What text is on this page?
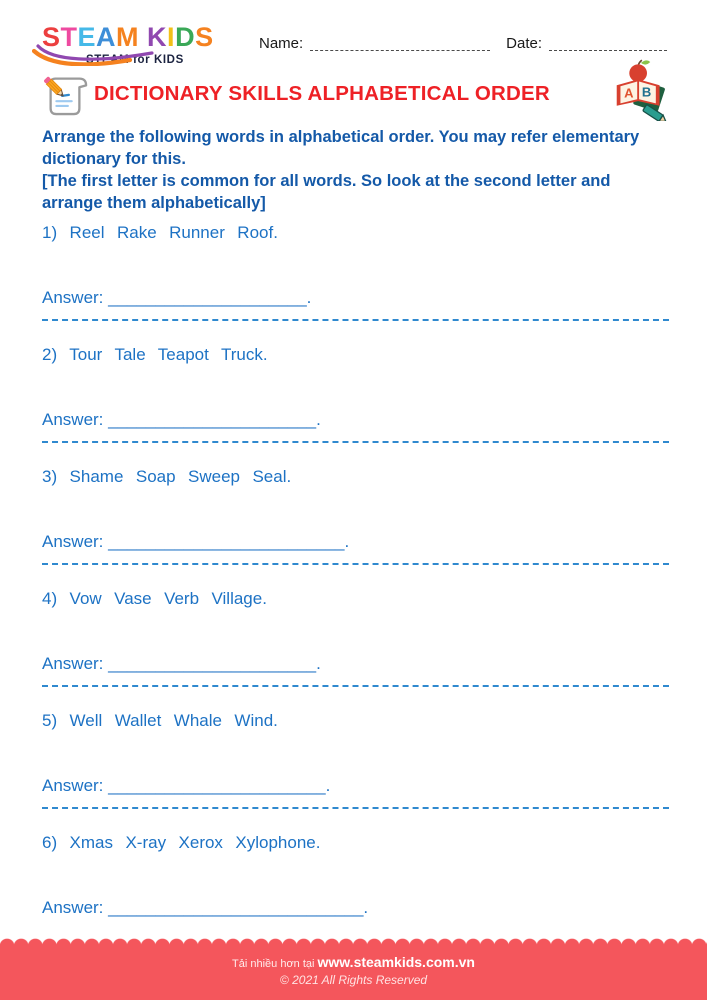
STEAM KIDS
STEAM for KIDS
Name:	Date:
DICTIONARY SKILLS ALPHABETICAL ORDER	A B

Arrange the following words in alphabetical order. You may refer elementary dictionary for this.

[The first letter is common for all words. So look at the second letter and arrange them alphabetically]

1)  Reel  Rake  Runner  Roof.
Answer: _____________________.
2)  Tour  Tale  Teapot  Truck.
Answer: ______________________.
3)  Shame  Soap  Sweep  Seal.
Answer: _________________________.
4)  Vow  Vase  Verb  Village.
Answer: ______________________.
5)  Well  Wallet  Whale  Wind.
Answer: _______________________.
6)  Xmas  X-ray  Xerox  Xylophone.
Answer: ___________________________.
Tải nhiều hơn tại www.steamkids.com.vn
© 2021 All Rights Reserved
